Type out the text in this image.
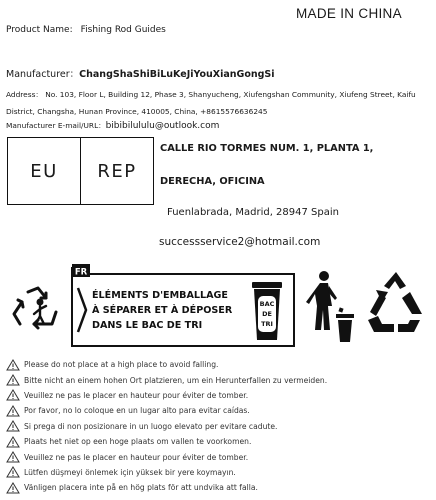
MADE IN CHINA
Product Name: Fishing Rod Guides
Manufacturer：ChangShaShiBiLuKeJiYouXianGongSi
Address： No. 103, Floor L, Building 12, Phase 3, Shanyucheng, Xiufengshan Community, Xiufeng Street, Kaifu District, Changsha, Hunan Province, 410005, China, +8615576636245
Manufacturer E-mail/URL：bibibilululu@outlook.com
EU	REP
CALLE RIO TORMES NUM. 1, PLANTA 1,
DERECHA, OFICINA
Fuenlabrada, Madrid, 28947 Spain
successservice2@hotmail.com
FR
ÉLÉMENTS D'EMBALLAGE
À SÉPARER ET À DÉPOSER
DANS LE BAC DE TRI
BAC
DE
TRI
Please do not place at a high place to avoid falling.
Bitte nicht an einem hohen Ort platzieren, um ein Herunterfallen zu vermeiden.
Veuillez ne pas le placer en hauteur pour éviter de tomber.
Por favor, no lo coloque en un lugar alto para evitar caídas.
Si prega di non posizionare in un luogo elevato per evitare cadute.
Plaats het niet op een hoge plaats om vallen te voorkomen.
Veuillez ne pas le placer en hauteur pour éviter de tomber.
Lütfen düşmeyi önlemek için yüksek bir yere koymayın.
Vänligen placera inte på en hög plats för att undvika att falla.
